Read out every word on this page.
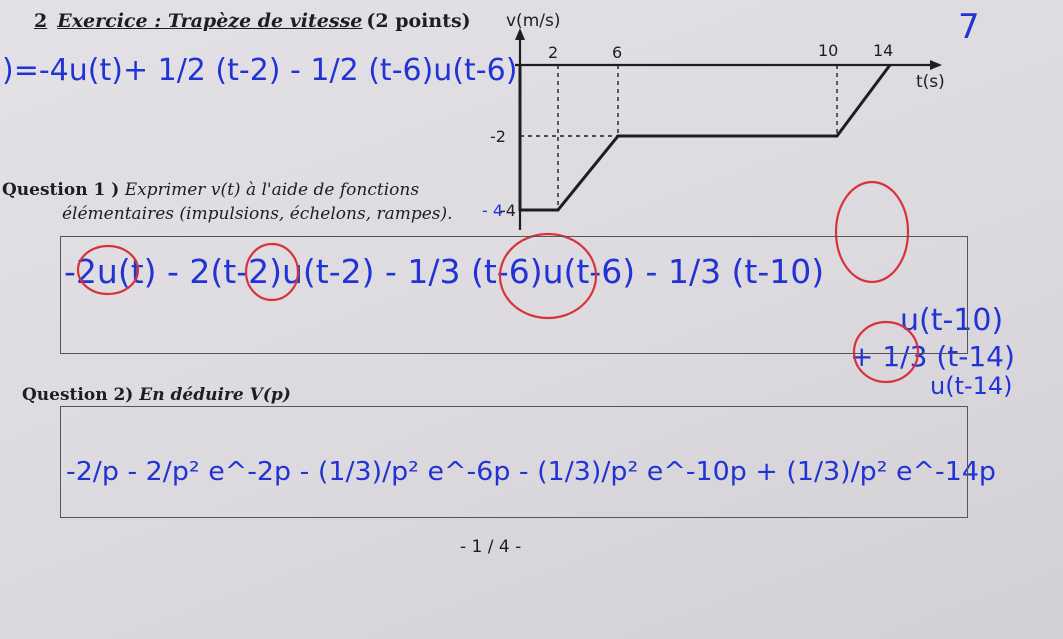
2 Exercice : Trapèze de vitesse (2 points) v(m/s)
t(s)
2	6	10 14
-2
-4
)=-4u(t)+ 1/2 (t-2) - 1/2 (t-6)u(t-6)
7
- 4
-2u(t) - 2(t-2)u(t-2) - 1/3 (t-6)u(t-6) - 1/3 (t-10)
u(t-10)
+ 1/3 (t-14)
u(t-14)
-2/p - 2/p² e^-2p - (1/3)/p² e^-6p - (1/3)/p² e^-10p + (1/3)/p² e^-14p
Question 1 ) Exprimer v(t) à l'aide de fonctions
élémentaires (impulsions, échelons, rampes).
Question 2) En déduire V(p)
- 1 / 4 -
